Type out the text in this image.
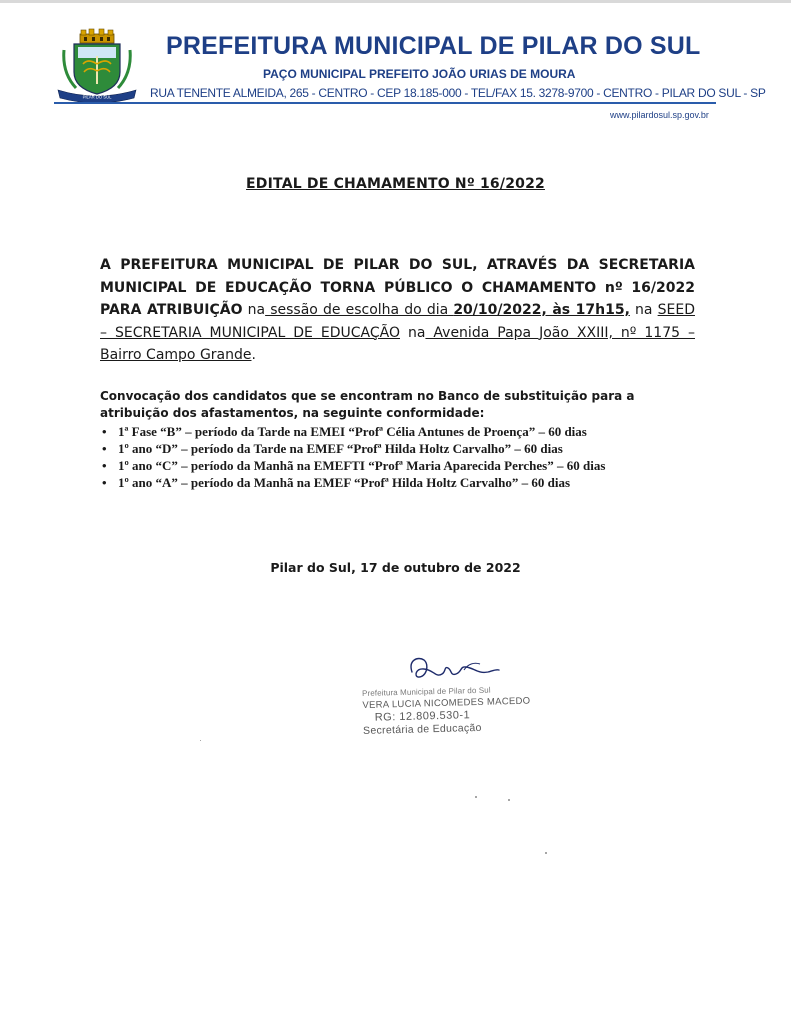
PILAR DO SUL
PREFEITURA MUNICIPAL DE PILAR DO SUL
PAÇO MUNICIPAL PREFEITO JOÃO URIAS DE MOURA
RUA TENENTE ALMEIDA, 265 - CENTRO - CEP 18.185-000 - TEL/FAX 15. 3278-9700 - CENTRO - PILAR DO SUL - SP
www.pilardosul.sp.gov.br
EDITAL DE CHAMAMENTO Nº 16/2022
A PREFEITURA MUNICIPAL DE PILAR DO SUL, ATRAVÉS DA SECRETARIA MUNICIPAL DE EDUCAÇÃO TORNA PÚBLICO O CHAMAMENTO nº 16/2022 PARA ATRIBUIÇÃO na sessão de escolha do dia 20/10/2022, às 17h15, na SEED – SECRETARIA MUNICIPAL DE EDUCAÇÃO na Avenida Papa João XXIII, nº 1175 – Bairro Campo Grande.
Convocação dos candidatos que se encontram no Banco de substituição para a atribuição dos afastamentos, na seguinte conformidade:
• 1ª Fase “B” – período da Tarde na EMEI “Profª Célia Antunes de Proença” – 60 dias
• 1º ano “D” – período da Tarde na EMEF “Profª Hilda Holtz Carvalho” – 60 dias
• 1º ano “C” – período da Manhã na EMEFTI “Profª Maria Aparecida Perches” – 60 dias
• 1º ano “A” – período da Manhã na EMEF “Profª Hilda Holtz Carvalho” – 60 dias
Pilar do Sul, 17 de outubro de 2022
Prefeitura Municipal de Pilar do Sul
VERA LUCIA NICOMEDES MACEDO
RG: 12.809.530-1
Secretária de Educação
